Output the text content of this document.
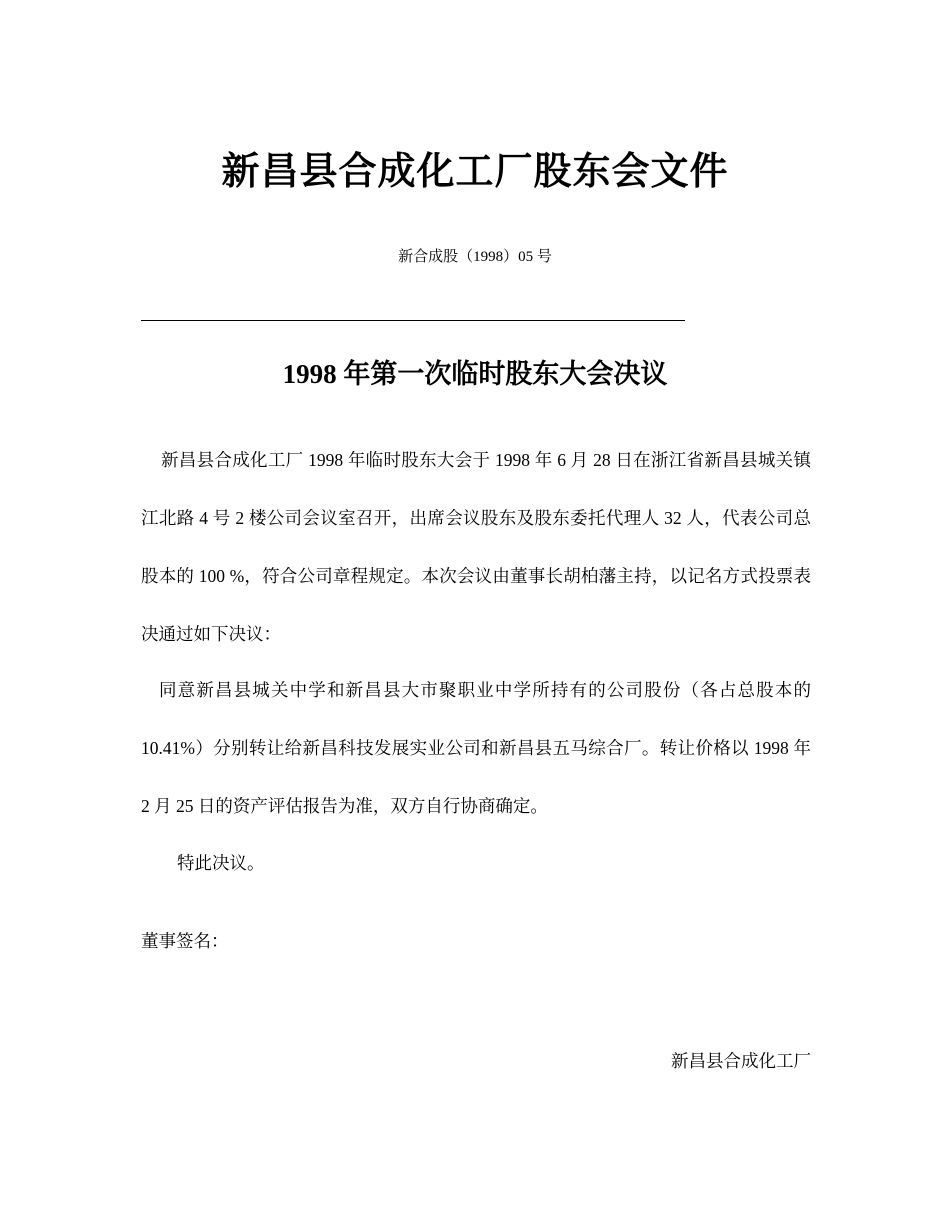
新昌县合成化工厂股东会文件
新合成股（1998）05 号
1998 年第一次临时股东大会决议

新昌县合成化工厂 1998 年临时股东大会于 1998 年 6 月 28 日在浙江省新昌县城关镇江北路 4 号 2 楼公司会议室召开，出席会议股东及股东委托代理人 32 人，代表公司总股本的 100 %，符合公司章程规定。本次会议由董事长胡柏藩主持，以记名方式投票表决通过如下决议：

同意新昌县城关中学和新昌县大市聚职业中学所持有的公司股份（各占总股本的 10.41%）分别转让给新昌科技发展实业公司和新昌县五马综合厂。转让价格以 1998 年 2 月 25 日的资产评估报告为准，双方自行协商确定。

特此决议。

董事签名：

新昌县合成化工厂
